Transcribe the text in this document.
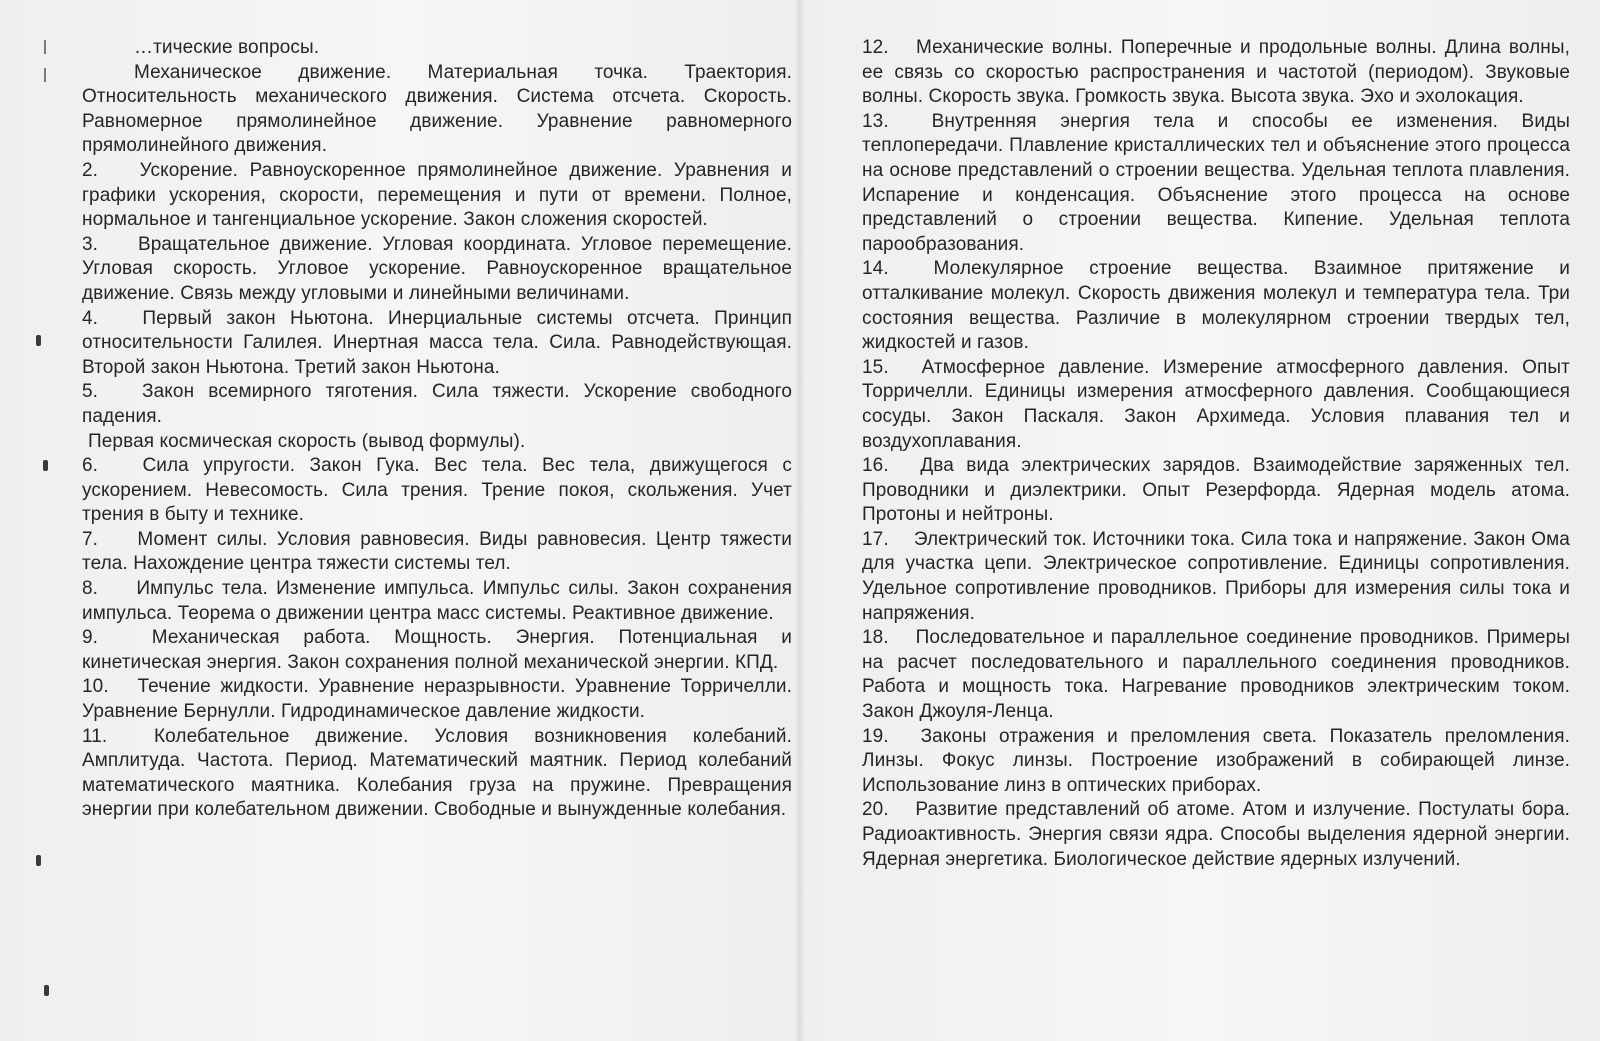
…тические вопросы.

Механическое движение. Материальная точка. Траектория. Относительность механического движения. Система отсчета. Скорость. Равномерное прямолинейное движение. Уравнение равномерного прямолинейного движения.

2. Ускорение. Равноускоренное прямолинейное движение. Уравнения и графики ускорения, скорости, перемещения и пути от времени. Полное, нормальное и тангенциальное ускорение. Закон сложения скоростей.

3. Вращательное движение. Угловая координата. Угловое перемещение. Угловая скорость. Угловое ускорение. Равноускоренное вращательное движение. Связь между угловыми и линейными величинами.

4. Первый закон Ньютона. Инерциальные системы отсчета. Принцип относительности Галилея. Инертная масса тела. Сила. Равнодействующая. Второй закон Ньютона. Третий закон Ньютона.

5. Закон всемирного тяготения. Сила тяжести. Ускорение свободного падения.

Первая космическая скорость (вывод формулы).

6. Сила упругости. Закон Гука. Вес тела. Вес тела, движущегося с ускорением. Невесомость. Сила трения. Трение покоя, скольжения. Учет трения в быту и технике.

7. Момент силы. Условия равновесия. Виды равновесия. Центр тяжести тела. Нахождение центра тяжести системы тел.

8. Импульс тела. Изменение импульса. Импульс силы. Закон сохранения импульса. Теорема о движении центра масс системы. Реактивное движение.

9.	Механическая работа. Мощность. Энергия. Потенциальная и кинетическая энергия. Закон сохранения полной механической энергии. КПД.

10. Течение жидкости. Уравнение неразрывности. Уравнение Торричелли. Уравнение Бернулли. Гидродинамическое давление жидкости.

11. Колебательное движение. Условия возникновения колебаний. Амплитуда. Частота. Период. Математический маятник. Период колебаний математического маятника. Колебания груза на пружине. Превращения энергии при колебательном движении. Свободные и вынужденные колебания.

12. Механические волны. Поперечные и продольные волны. Длина волны, ее связь со скоростью распространения и частотой (периодом). Звуковые волны. Скорость звука. Громкость звука. Высота звука. Эхо и эхолокация.

13. Внутренняя энергия тела и способы ее изменения. Виды теплопередачи. Плавление кристаллических тел и объяснение этого процесса на основе представлений о строении вещества. Удельная теплота плавления. Испарение и конденсация. Объяснение этого процесса на основе представлений о строении вещества. Кипение. Удельная теплота парообразования.

14. Молекулярное строение вещества. Взаимное притяжение и отталкивание молекул. Скорость движения молекул и температура тела. Три состояния вещества. Различие в молекулярном строении твердых тел, жидкостей и газов.

15. Атмосферное давление. Измерение атмосферного давления. Опыт Торричелли. Единицы измерения атмосферного давления. Сообщающиеся сосуды. Закон Паскаля. Закон Архимеда. Условия плавания тел и воздухоплавания.

16. Два вида электрических зарядов. Взаимодействие заряженных тел. Проводники и диэлектрики. Опыт Резерфорда. Ядерная модель атома. Протоны и нейтроны.

17. Электрический ток. Источники тока. Сила тока и напряжение. Закон Ома для участка цепи. Электрическое сопротивление. Единицы сопротивления. Удельное сопротивление проводников. Приборы для измерения силы тока и напряжения.

18. Последовательное и параллельное соединение проводников. Примеры на расчет последовательного и параллельного соединения проводников. Работа и мощность тока. Нагревание проводников электрическим током. Закон Джоуля-Ленца.

19. Законы отражения и преломления света. Показатель преломления. Линзы. Фокус линзы. Построение изображений в собирающей линзе. Использование линз в оптических приборах.

20. Развитие представлений об атоме. Атом и излучение. Постулаты бора. Радиоактивность. Энергия связи ядра. Способы выделения ядерной энергии. Ядерная энергетика. Биологическое действие ядерных излучений.
